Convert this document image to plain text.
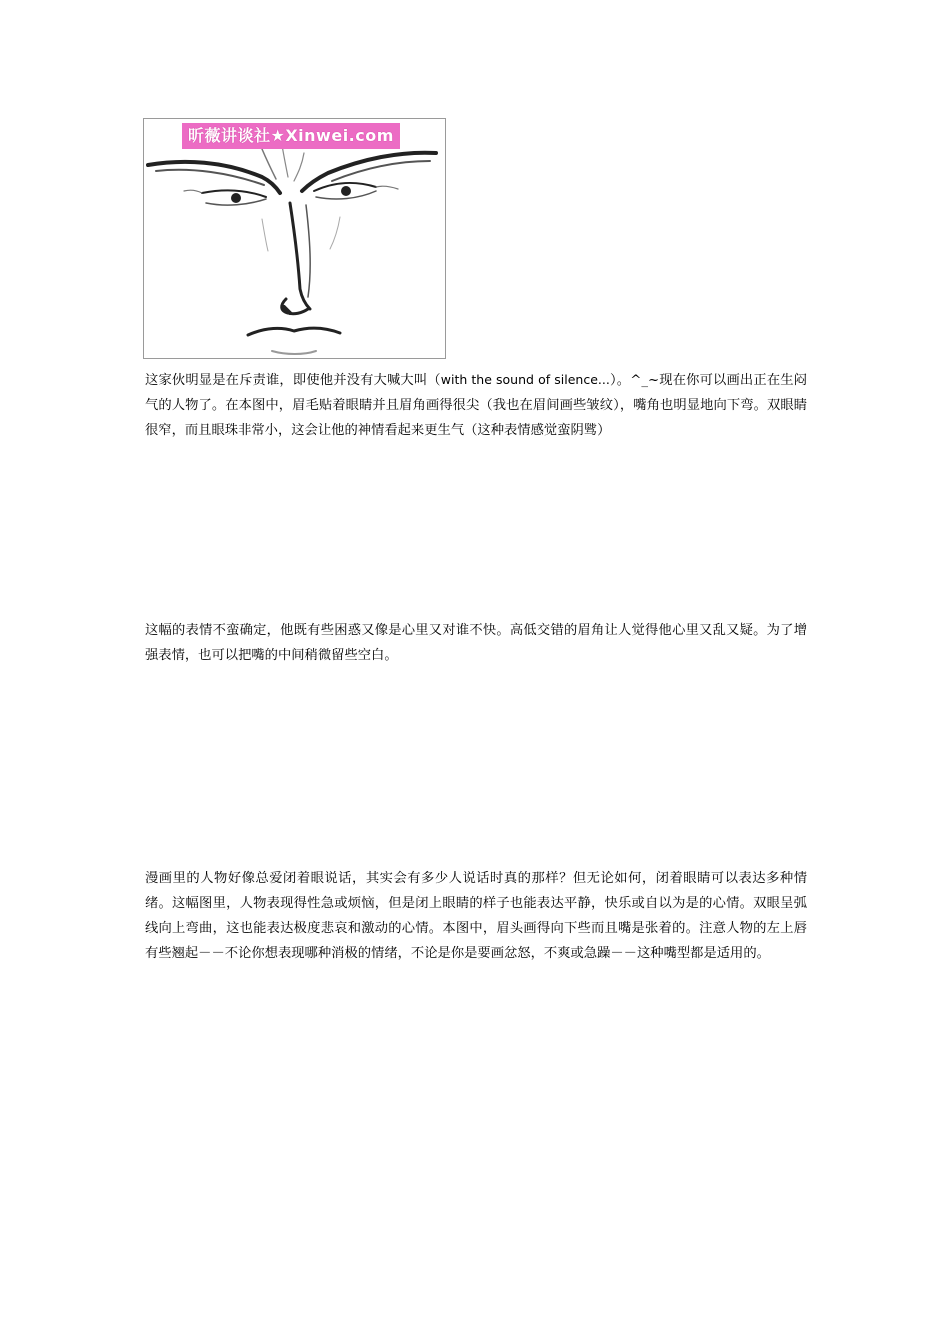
昕薇讲谈社★Xinwei.com
这家伙明显是在斥责谁，即使他并没有大喊大叫（with the sound of silence...）。^_~现在你可以画出正在生闷气的人物了。在本图中，眉毛贴着眼睛并且眉角画得很尖（我也在眉间画些皱纹），嘴角也明显地向下弯。双眼睛很窄，而且眼珠非常小，这会让他的神情看起来更生气（这种表情感觉蛮阴骘）
这幅的表情不蛮确定，他既有些困惑又像是心里又对谁不快。高低交错的眉角让人觉得他心里又乱又疑。为了增强表情，也可以把嘴的中间稍微留些空白。
漫画里的人物好像总爱闭着眼说话，其实会有多少人说话时真的那样？但无论如何，闭着眼睛可以表达多种情绪。这幅图里，人物表现得性急或烦恼，但是闭上眼睛的样子也能表达平静，快乐或自以为是的心情。双眼呈弧线向上弯曲，这也能表达极度悲哀和激动的心情。本图中，眉头画得向下些而且嘴是张着的。注意人物的左上唇有些翘起－－不论你想表现哪种消极的情绪，不论是你是要画忿怒，不爽或急躁－－这种嘴型都是适用的。
